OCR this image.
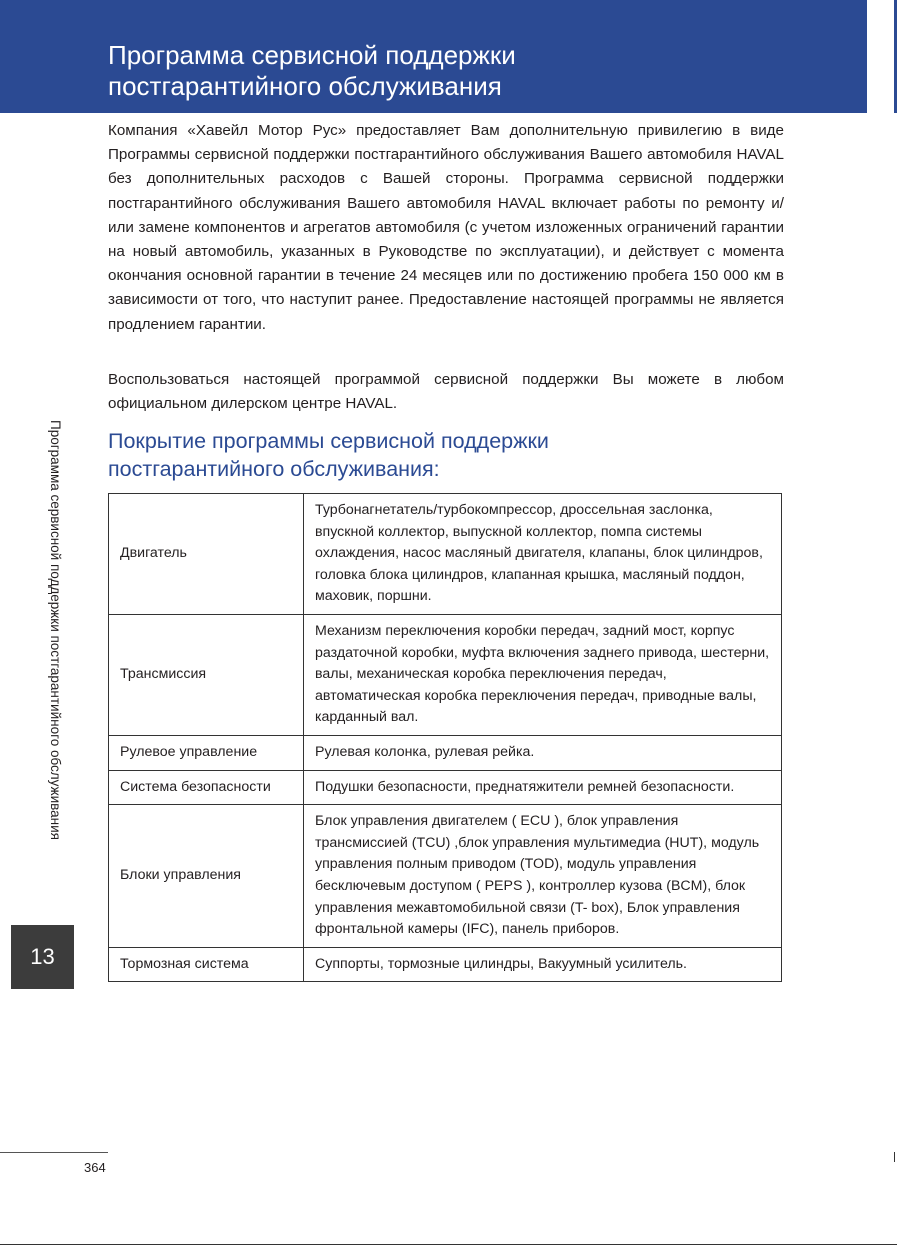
Программа сервисной поддержки
постгарантийного обслуживания

Компания «Хавейл Мотор Рус» предоставляет Вам дополнительную привилегию в виде Программы сервисной поддержки постгарантийного обслуживания Вашего автомобиля HAVAL без дополнительных расходов с Вашей стороны. Программа сервисной поддержки постгарантийного обслуживания Вашего автомобиля HAVAL включает работы по ремонту и/или замене компонентов и агрегатов автомобиля (с учетом изложенных ограничений гарантии на новый автомобиль, указанных в Руководстве по эксплуатации), и действует с момента окончания основной гарантии в течение 24 месяцев или по достижению пробега 150 000 км в зависимости от того, что наступит ранее. Предоставление настоящей программы не является продлением гарантии.

Воспользоваться настоящей программой сервисной поддержки Вы можете в любом официальном дилерском центре HAVAL.

Покрытие программы сервисной поддержки
постгарантийного обслуживания:
Программа сервисной поддержки постгарантийного обслуживания
13
Двигатель	Турбонагнетатель/турбокомпрессор, дроссельная заслонка, впускной коллектор, выпускной коллектор, помпа системы охлаждения, насос масляный двигателя, клапаны, блок цилиндров, головка блока цилиндров, клапанная крышка, масляный поддон, маховик, поршни.
Трансмиссия	Механизм переключения коробки передач, задний мост, корпус раздаточной коробки, муфта включения заднего привода, шестерни, валы, механическая коробка переключения передач, автоматическая коробка переключения передач, приводные валы, карданный вал.
Рулевое управление	Рулевая колонка, рулевая рейка.
Система безопасности	Подушки безопасности, преднатяжители ремней безопасности.
Блоки управления	Блок управления двигателем ( ECU ), блок управления трансмиссией (TCU) ,блок управления мультимедиа (HUT), модуль управления полным приводом (TOD), модуль управления бесключевым доступом ( PEPS ), контроллер кузова (BCM), блок управления межавтомобильной связи (T- box), Блок управления фронтальной камеры (IFC), панель приборов.
Тормозная система	Суппорты, тормозные цилиндры, Вакуумный усилитель.
364
